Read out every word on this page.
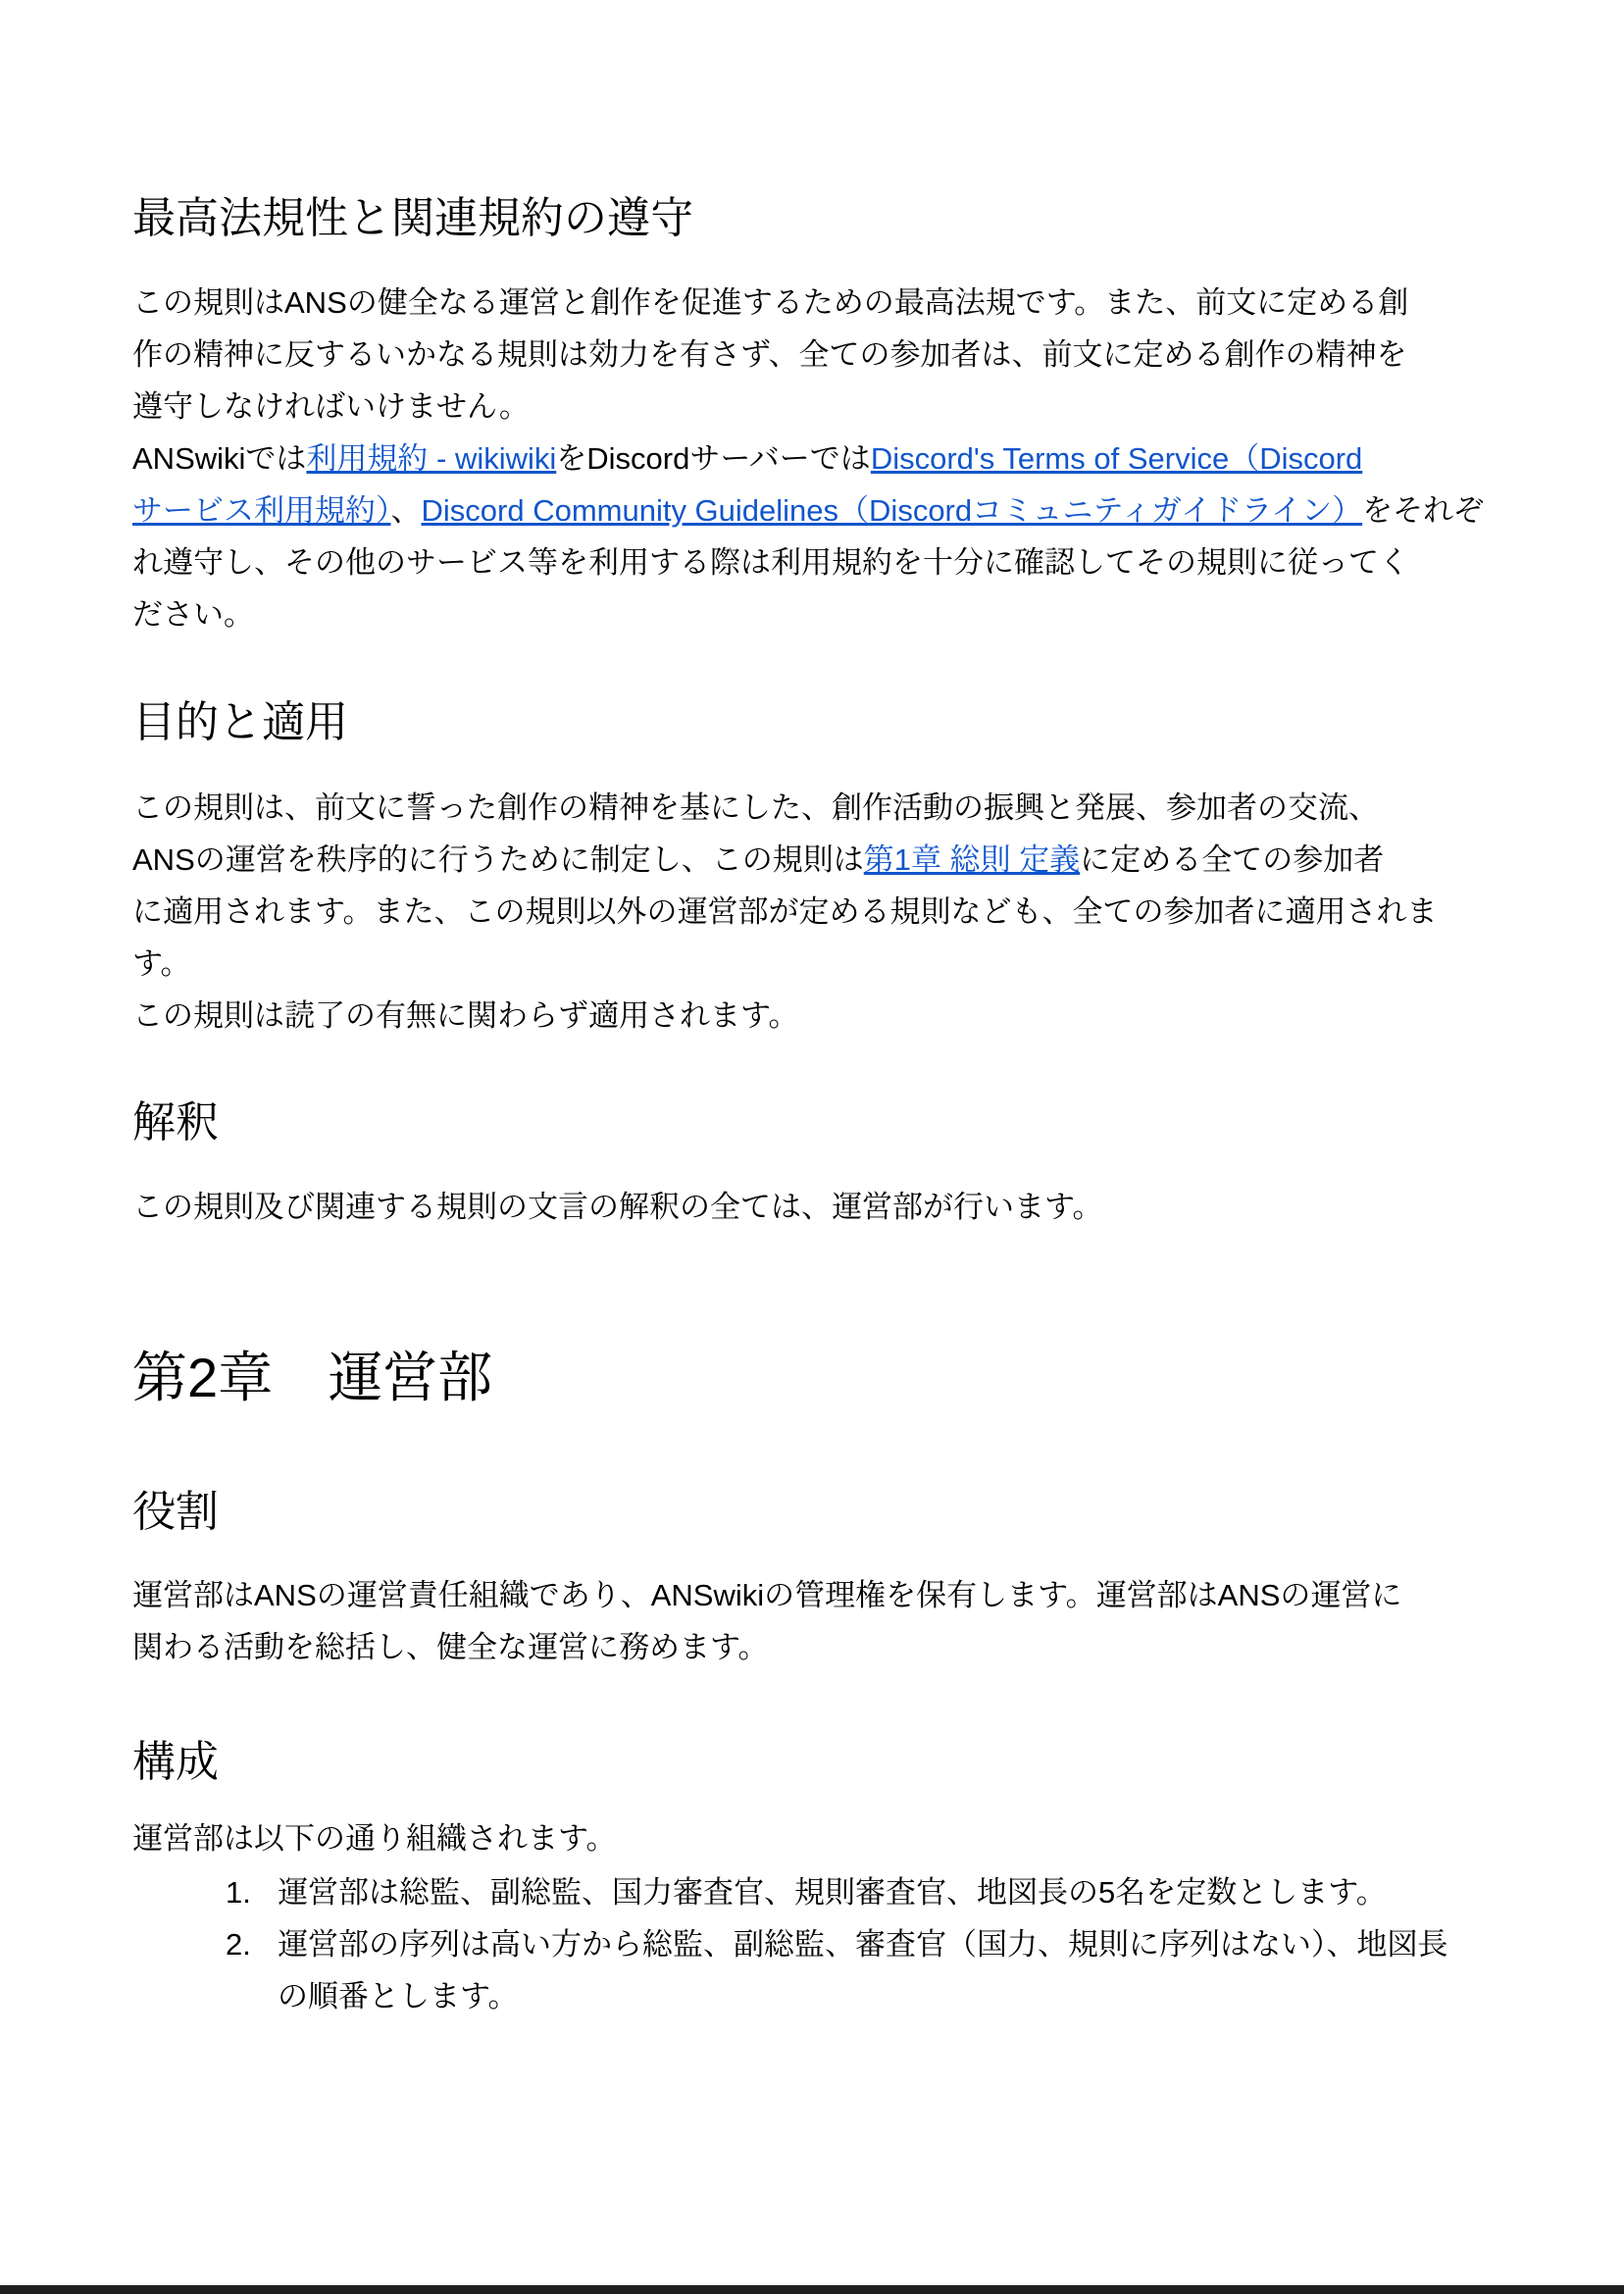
最高法規性と関連規約の遵守
この規則はANSの健全なる運営と創作を促進するための最高法規です。また、前文に定める創
作の精神に反するいかなる規則は効力を有さず、全ての参加者は、前文に定める創作の精神を
遵守しなければいけません。
ANSwikiでは利用規約 - wikiwikiをDiscordサーバーではDiscord's Terms of Service（Discord
サービス利用規約）、Discord Community Guidelines（Discordコミュニティガイドライン）をそれぞ
れ遵守し、その他のサービス等を利用する際は利用規約を十分に確認してその規則に従ってく
ださい。
目的と適用
この規則は、前文に誓った創作の精神を基にした、創作活動の振興と発展、参加者の交流、
ANSの運営を秩序的に行うために制定し、この規則は第1章 総則 定義に定める全ての参加者
に適用されます。また、この規則以外の運営部が定める規則なども、全ての参加者に適用されま
す。
この規則は読了の有無に関わらず適用されます。
解釈
この規則及び関連する規則の文言の解釈の全ては、運営部が行います。
第2章　運営部
役割
運営部はANSの運営責任組織であり、ANSwikiの管理権を保有します。運営部はANSの運営に
関わる活動を総括し、健全な運営に務めます。
構成
運営部は以下の通り組織されます。
1. 運営部は総監、副総監、国力審査官、規則審査官、地図長の5名を定数とします。
2. 運営部の序列は高い方から総監、副総監、審査官（国力、規則に序列はない）、地図長
の順番とします。
